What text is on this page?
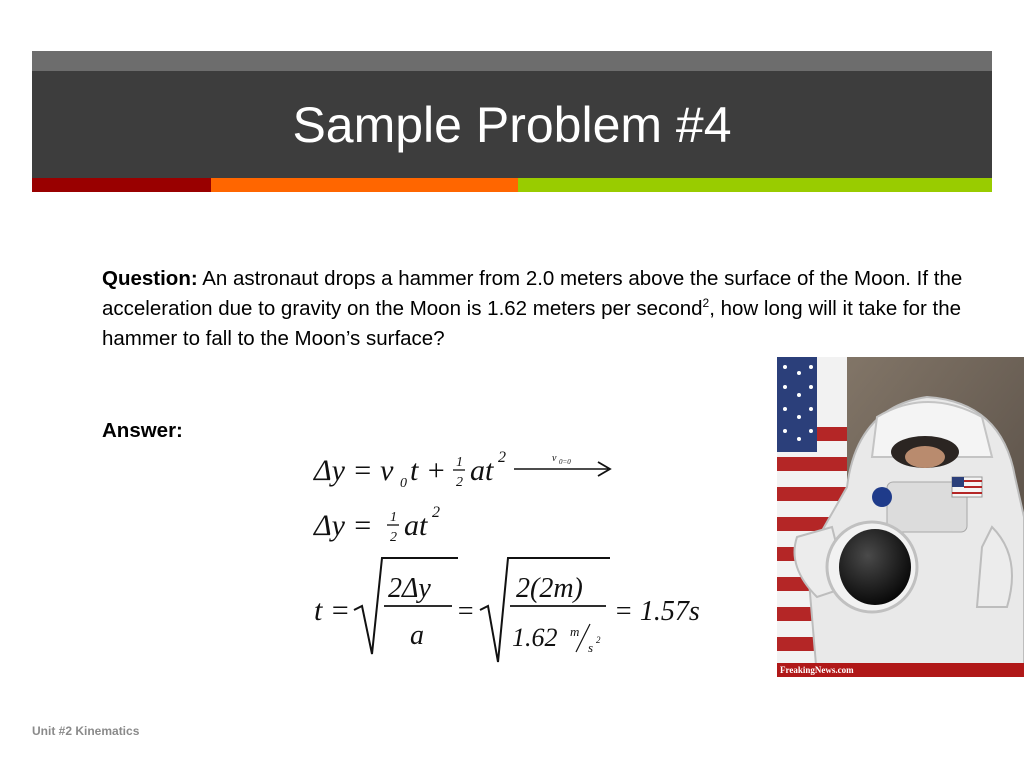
Sample Problem #4
Question: An astronaut drops a hammer from 2.0 meters above the surface of the Moon. If the acceleration due to gravity on the Moon is 1.62 meters per second$^2$, how long will it take for the hammer to fall to the Moon’s surface?
Answer:
Δy = v 0 t + 1
2 at 2	v 0=0
Δy = 1
2 at 2
t =
2Δy
a
=
2(2m)
1.62 m
s 2
= 1.57s
FreakingNews.com
Unit #2 Kinematics
